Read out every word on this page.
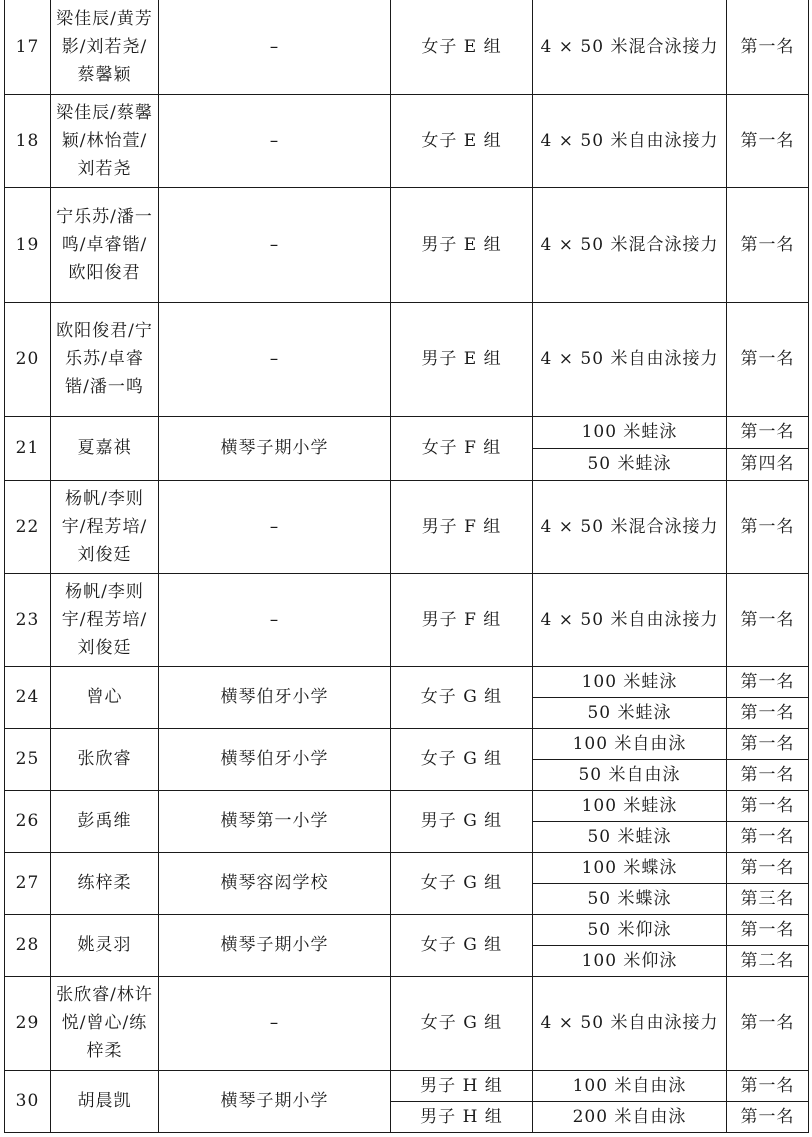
17	梁佳辰/黄芳影/刘若尧/蔡馨颖	–	女子 E 组	4 × 50 米混合泳接力	第一名
18	梁佳辰/蔡馨颖/林怡萱/刘若尧	–	女子 E 组	4 × 50 米自由泳接力	第一名
19	宁乐苏/潘一鸣/卓睿锴/欧阳俊君	–	男子 E 组	4 × 50 米混合泳接力	第一名
20	欧阳俊君/宁乐苏/卓睿锴/潘一鸣	–	男子 E 组	4 × 50 米自由泳接力	第一名
21	夏嘉祺	横琴子期小学	女子 F 组	100 米蛙泳	第一名
				50 米蛙泳	第四名
22	杨帆/李则宇/程芳培/刘俊廷	–	男子 F 组	4 × 50 米混合泳接力	第一名
23	杨帆/李则宇/程芳培/刘俊廷	–	男子 F 组	4 × 50 米自由泳接力	第一名
24	曾心	横琴伯牙小学	女子 G 组	100 米蛙泳	第一名
				50 米蛙泳	第一名
25	张欣睿	横琴伯牙小学	女子 G 组	100 米自由泳	第一名
				50 米自由泳	第一名
26	彭禹维	横琴第一小学	男子 G 组	100 米蛙泳	第一名
				50 米蛙泳	第一名
27	练梓柔	横琴容闳学校	女子 G 组	100 米蝶泳	第一名
				50 米蝶泳	第三名
28	姚灵羽	横琴子期小学	女子 G 组	50 米仰泳	第一名
				100 米仰泳	第二名
29	张欣睿/林许悦/曾心/练梓柔	–	女子 G 组	4 × 50 米自由泳接力	第一名
30	胡晨凯	横琴子期小学	男子 H 组	100 米自由泳	第一名
			男子 H 组	200 米自由泳	第一名
